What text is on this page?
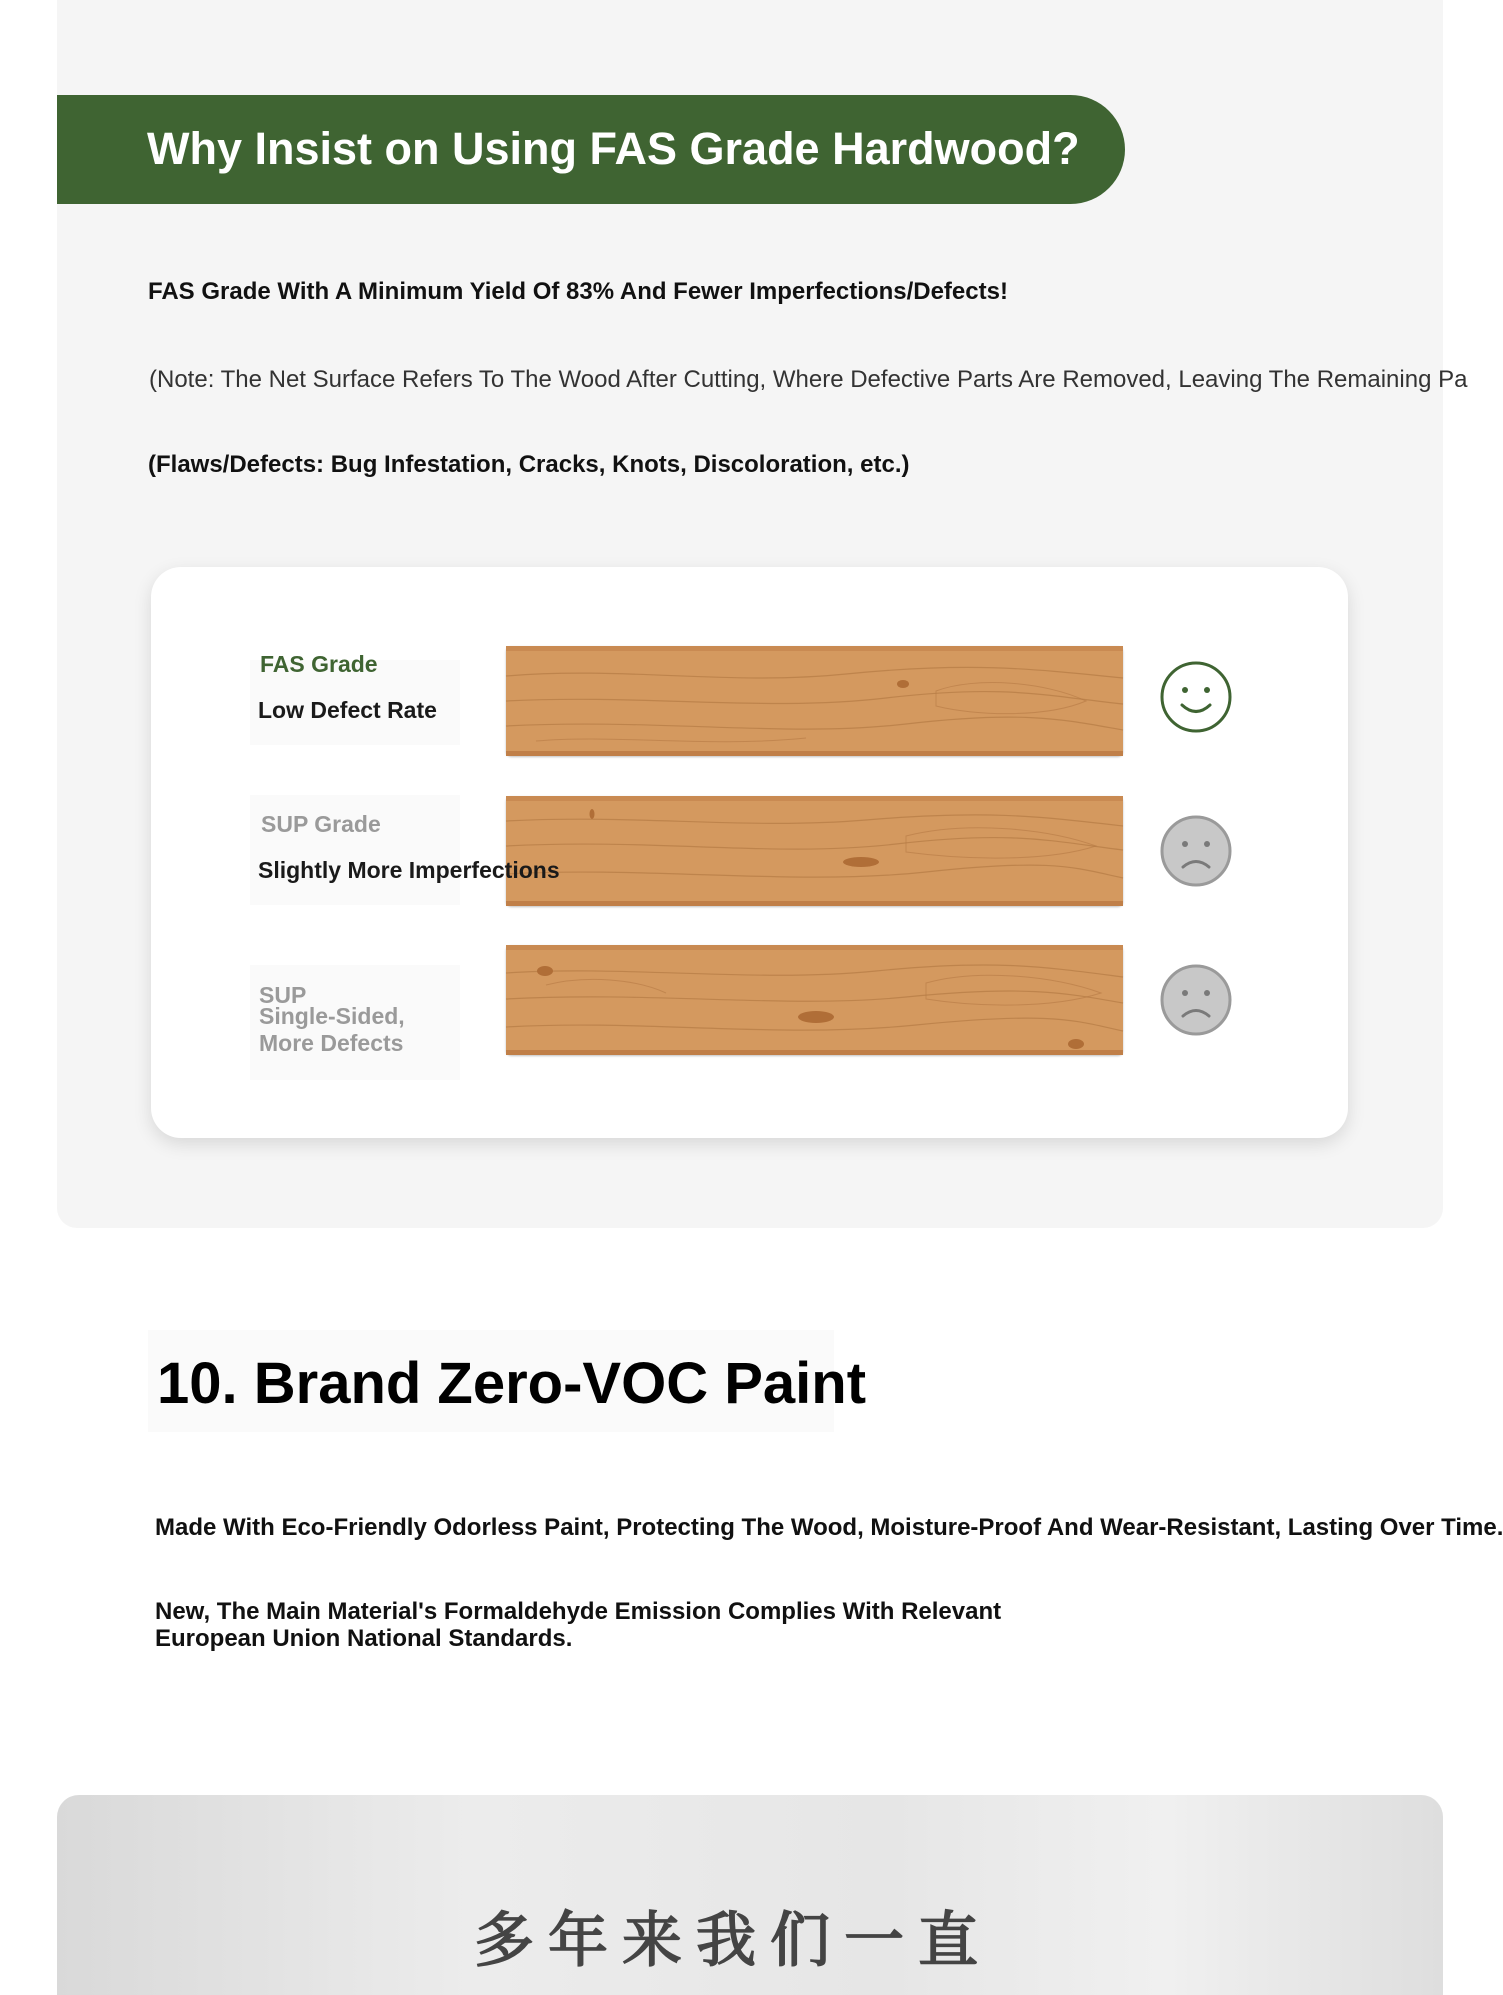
Why Insist on Using FAS Grade Hardwood?
FAS Grade With A Minimum Yield Of 83% And Fewer Imperfections/Defects!
(Note: The Net Surface Refers To The Wood After Cutting, Where Defective Parts Are Removed, Leaving The Remaining Pa
(Flaws/Defects: Bug Infestation, Cracks, Knots, Discoloration, etc.)
FAS Grade
Low Defect Rate
SUP Grade
Slightly More Imperfections
SUP
Single-Sided, More Defects
10. Brand Zero-VOC Paint
Made With Eco-Friendly Odorless Paint, Protecting The Wood, Moisture-Proof And Wear-Resistant, Lasting Over Time.
New, The Main Material's Formaldehyde Emission Complies With Relevant European Union National Standards.
多年来我们一直
